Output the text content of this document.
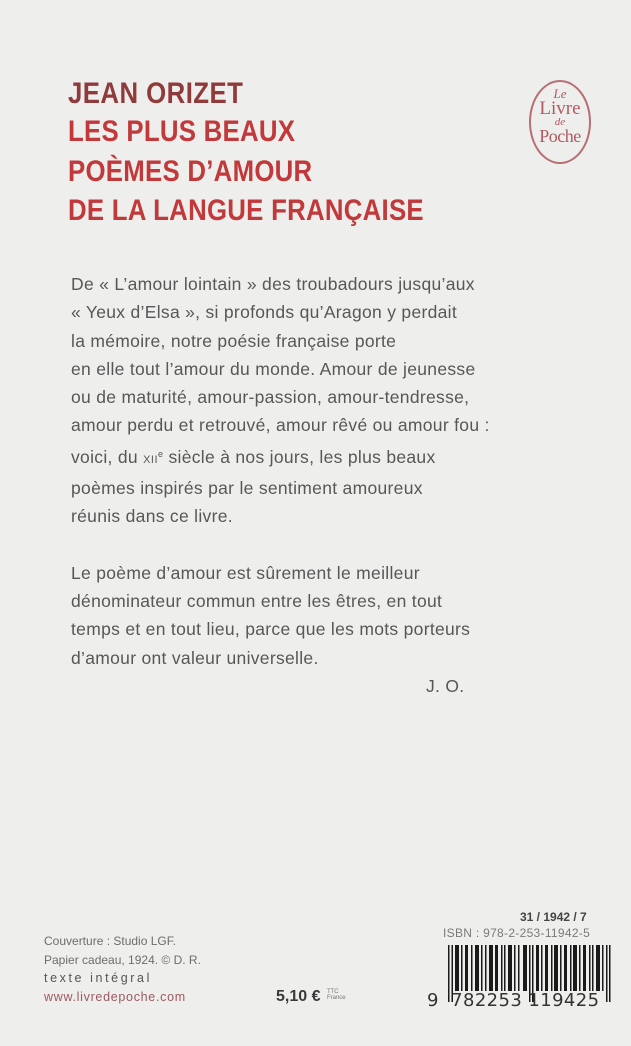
JEAN ORIZET
LES PLUS BEAUX
POÈMES D’AMOUR
DE LA LANGUE FRANÇAISE
Le
Livre
de
Poche
De « L’amour lointain » des troubadours jusqu’aux
« Yeux d’Elsa », si profonds qu’Aragon y perdait
la mémoire, notre poésie française porte
en elle tout l’amour du monde. Amour de jeunesse
ou de maturité, amour-passion, amour-tendresse,
amour perdu et retrouvé, amour rêvé ou amour fou :
voici, du XIIe siècle à nos jours, les plus beaux
poèmes inspirés par le sentiment amoureux
réunis dans ce livre.
Le poème d’amour est sûrement le meilleur
dénominateur commun entre les êtres, en tout
temps et en tout lieu, parce que les mots porteurs
d’amour ont valeur universelle.
J. O.
Couverture : Studio LGF.
Papier cadeau, 1924. © D. R.
texte intégral
www.livredepoche.com	5,10 € TTC
France
31 / 1942 / 7
ISBN : 978-2-253-11942-5
9 782253 119425
